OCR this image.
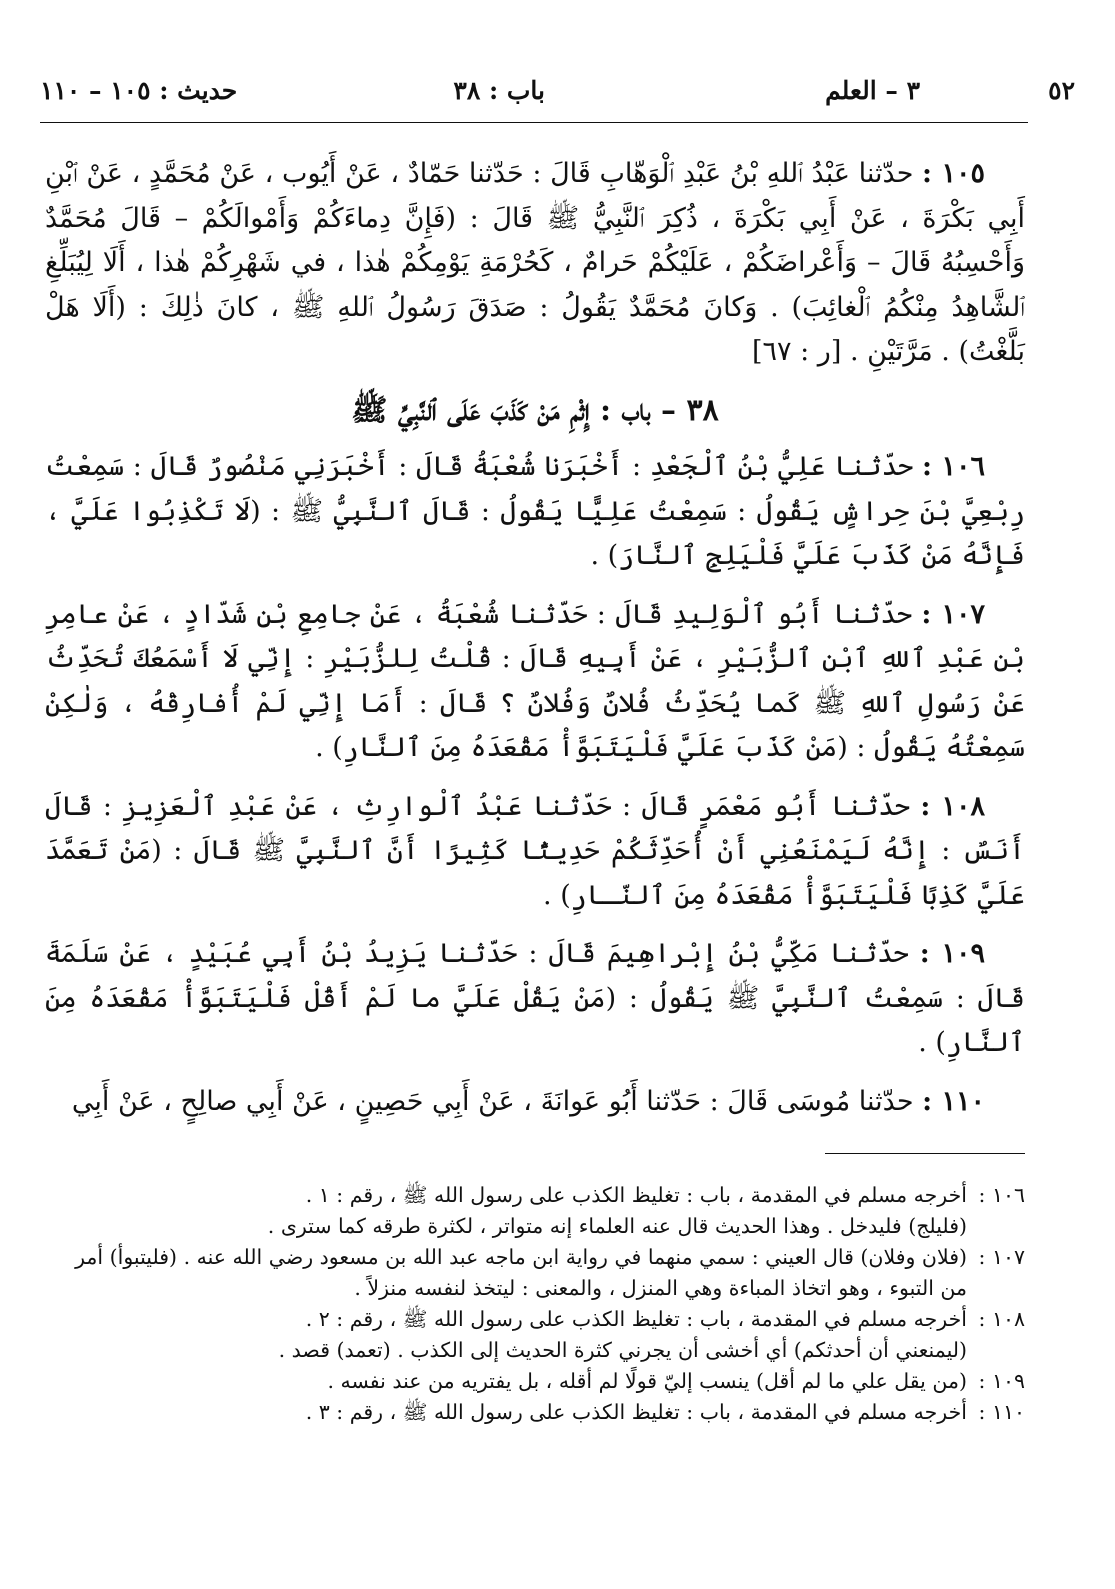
٥٢
٣ – العلم
باب : ٣٨
حديث : ١٠٥ – ١١٠

١٠٥ : حدّثنا عَبْدُ ٱللهِ بْنُ عَبْدِ ٱلْوَهّابِ قَالَ : حَدّثنا حَمّادٌ ، عَنْ أَيُوب ، عَنْ مُحَمَّدٍ ، عَنْ ٱبْنِ أَبِي بَكْرَةَ ، عَنْ أَبِي بَكْرَةَ ، ذُكِرَ ٱلنَّبِيُّ ﷺ قَالَ : (فَإِنَّ دِماءَكُمْ وَأَمْوالَكُمْ – قَالَ مُحَمَّدٌ وَأَحْسِبُهُ قَالَ – وَأَعْراضَكُمْ ، عَلَيْكُمْ حَرامٌ ، كَحُرْمَةِ يَوْمِكُمْ هٰذا ، في شَهْرِكُمْ هٰذا ، أَلَا لِيُبَلِّغِ ٱلشَّاهِدُ مِنْكُمُ ٱلْغائِبَ) . وَكانَ مُحَمَّدٌ يَقُولُ : صَدَقَ رَسُولُ ٱللهِ ﷺ ، كانَ ذٰلِكَ : (أَلَا هَلْ بَلَّغْتُ) . مَرَّتَيْنِ . [ر : ٦٧]

٣٨ – باب : إِثْمِ مَنْ كَذَبَ عَلَى ٱلنَّبِيِّ ﷺ

١٠٦ : حدّثنا عَلِيُّ بْنُ ٱلْجَعْدِ : أَخْبَرَنا شُعْبَةُ قَالَ : أَخْبَرَنِي مَنْصُورٌ قَالَ : سَمِعْتُ رِبْعِيَّ بْنَ حِراشٍ يَقُولُ : سَمِعْتُ عَلِيًّا يَقُولُ : قَالَ ٱلنَّبِيُّ ﷺ : (لَا تَكْذِبُوا عَلَيَّ ، فَإِنَّهُ مَنْ كَذَبَ عَلَيَّ فَلْيَلِجِ ٱلنَّارَ) .

١٠٧ : حدّثنا أَبُو ٱلْوَلِيدِ قَالَ : حَدّثنا شُعْبَةُ ، عَنْ جامِعِ بْنِ شَدّادٍ ، عَنْ عامِرِ بْنِ عَبْدِ ٱللهِ ٱبْنِ ٱلزُّبَيْرِ ، عَنْ أَبِيهِ قَالَ : قُلْتُ لِلزُّبَيْرِ : إِنِّي لَا أَسْمَعُكَ تُحَدِّثُ عَنْ رَسُولِ ٱللهِ ﷺ كَما يُحَدِّثُ فُلانٌ وَفُلانٌ ؟ قَالَ : أَمَا إِنِّي لَمْ أُفارِقْهُ ، وَلٰكِنْ سَمِعْتُهُ يَقُولُ : (مَنْ كَذَبَ عَلَيَّ فَلْيَتَبَوَّأْ مَقْعَدَهُ مِنَ ٱلنَّارِ) .

١٠٨ : حدّثنا أَبُو مَعْمَرٍ قَالَ : حَدّثنا عَبْدُ ٱلْوارِثِ ، عَنْ عَبْدِ ٱلْعَزِيزِ : قَالَ أَنَسٌ : إِنَّهُ لَيَمْنَعُنِي أَنْ أُحَدِّثَكُمْ حَدِيثًا كَثِيرًا أَنَّ ٱلنَّبِيَّ ﷺ قَالَ : (مَنْ تَعَمَّدَ عَلَيَّ كَذِبًا فَلْيَتَبَوَّأْ مَقْعَدَهُ مِنَ ٱلنّـارِ) .

١٠٩ : حدّثنا مَكِّيُّ بْنُ إِبْراهِيمَ قَالَ : حَدّثنا يَزِيدُ بْنُ أَبِي عُبَيْدٍ ، عَنْ سَلَمَةَ قَالَ : سَمِعْتُ ٱلنَّبِيَّ ﷺ يَقُولُ : (مَنْ يَقُلْ عَلَيَّ ما لَمْ أَقُلْ فَلْيَتَبَوَّأْ مَقْعَدَهُ مِنَ ٱلنَّارِ) .

١١٠ : حدّثنا مُوسَى قَالَ : حَدّثنا أَبُو عَوانَةَ ، عَنْ أَبِي حَصِينٍ ، عَنْ أَبِي صالِحٍ ، عَنْ أَبِي

١٠٦ :
أخرجه مسلم في المقدمة ، باب : تغليظ الكذب على رسول الله ﷺ ، رقم : ١ .
(فليلج) فليدخل . وهذا الحديث قال عنه العلماء إنه متواتر ، لكثرة طرقه كما سترى .
١٠٧ :
(فلان وفلان) قال العيني : سمي منهما في رواية ابن ماجه عبد الله بن مسعود رضي الله عنه . (فليتبوأ) أمر من التبوء ، وهو اتخاذ المباءة وهي المنزل ، والمعنى : ليتخذ لنفسه منزلاً .
١٠٨ :
أخرجه مسلم في المقدمة ، باب : تغليظ الكذب على رسول الله ﷺ ، رقم : ٢ .
(ليمنعني أن أحدثكم) أي أخشى أن يجرني كثرة الحديث إلى الكذب . (تعمد) قصد .
١٠٩ :
(من يقل علي ما لم أقل) ينسب إليّ قولًا لم أقله ، بل يفتريه من عند نفسه .
١١٠ :
أخرجه مسلم في المقدمة ، باب : تغليظ الكذب على رسول الله ﷺ ، رقم : ٣ .
